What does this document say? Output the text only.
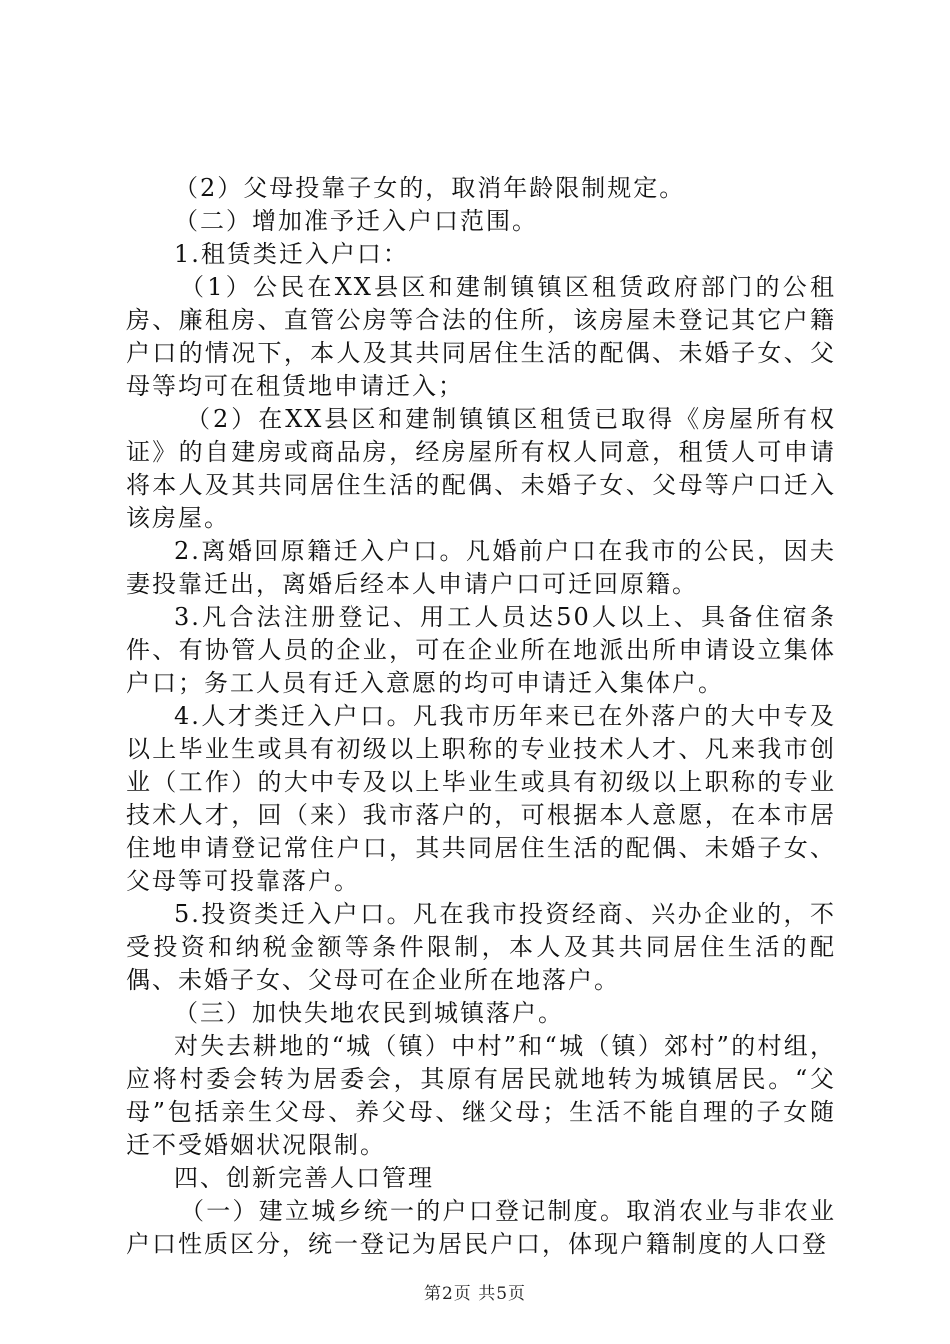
（2）父母投靠子女的，取消年龄限制规定。

（二）增加准予迁入户口范围。

1.租赁类迁入户口：

（1）公民在XX县区和建制镇镇区租赁政府部门的公租房、廉租房、直管公房等合法的住所，该房屋未登记其它户籍户口的情况下，本人及其共同居住生活的配偶、未婚子女、父母等均可在租赁地申请迁入；

（2）在XX县区和建制镇镇区租赁已取得《房屋所有权证》的自建房或商品房，经房屋所有权人同意，租赁人可申请将本人及其共同居住生活的配偶、未婚子女、父母等户口迁入该房屋。

2.离婚回原籍迁入户口。凡婚前户口在我市的公民，因夫妻投靠迁出，离婚后经本人申请户口可迁回原籍。

3.凡合法注册登记、用工人员达50人以上、具备住宿条件、有协管人员的企业，可在企业所在地派出所申请设立集体户口；务工人员有迁入意愿的均可申请迁入集体户。

4.人才类迁入户口。凡我市历年来已在外落户的大中专及以上毕业生或具有初级以上职称的专业技术人才、凡来我市创业（工作）的大中专及以上毕业生或具有初级以上职称的专业技术人才，回（来）我市落户的，可根据本人意愿，在本市居住地申请登记常住户口，其共同居住生活的配偶、未婚子女、父母等可投靠落户。

5.投资类迁入户口。凡在我市投资经商、兴办企业的，不受投资和纳税金额等条件限制，本人及其共同居住生活的配偶、未婚子女、父母可在企业所在地落户。

（三）加快失地农民到城镇落户。

对失去耕地的“城（镇）中村”和“城（镇）郊村”的村组，应将村委会转为居委会，其原有居民就地转为城镇居民。“父母”包括亲生父母、养父母、继父母；生活不能自理的子女随迁不受婚姻状况限制。

四、创新完善人口管理

（一）建立城乡统一的户口登记制度。取消农业与非农业户口性质区分，统一登记为居民户口，体现户籍制度的人口登

第2页 共5页
